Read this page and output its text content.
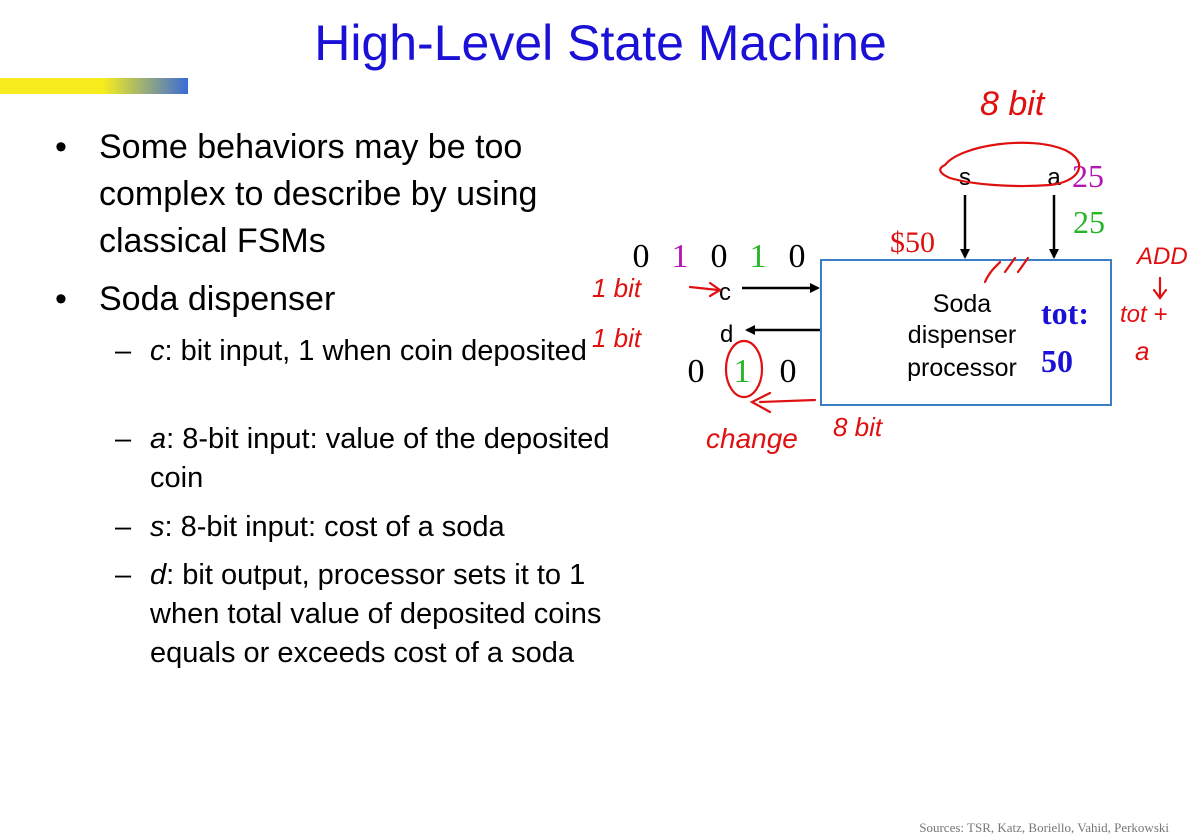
High-Level State Machine
• Some behaviors may be too complex to describe by using classical FSMs
• Soda dispenser
– c: bit input, 1 when coin deposited
– a: 8-bit input: value of the deposited coin
– s: 8-bit input: cost of a soda
– d: bit output, processor sets it to 1 when total value of deposited coins equals or exceeds cost of a soda
Soda
dispenser
processor
tot:
50
c
d
s	a
0 1 0 1 0
0 1 0
25
25
$50
8 bit
1 bit
1 bit
change 8 bit
ADD
tot +
a
Sources: TSR, Katz, Boriello, Vahid, Perkowski
